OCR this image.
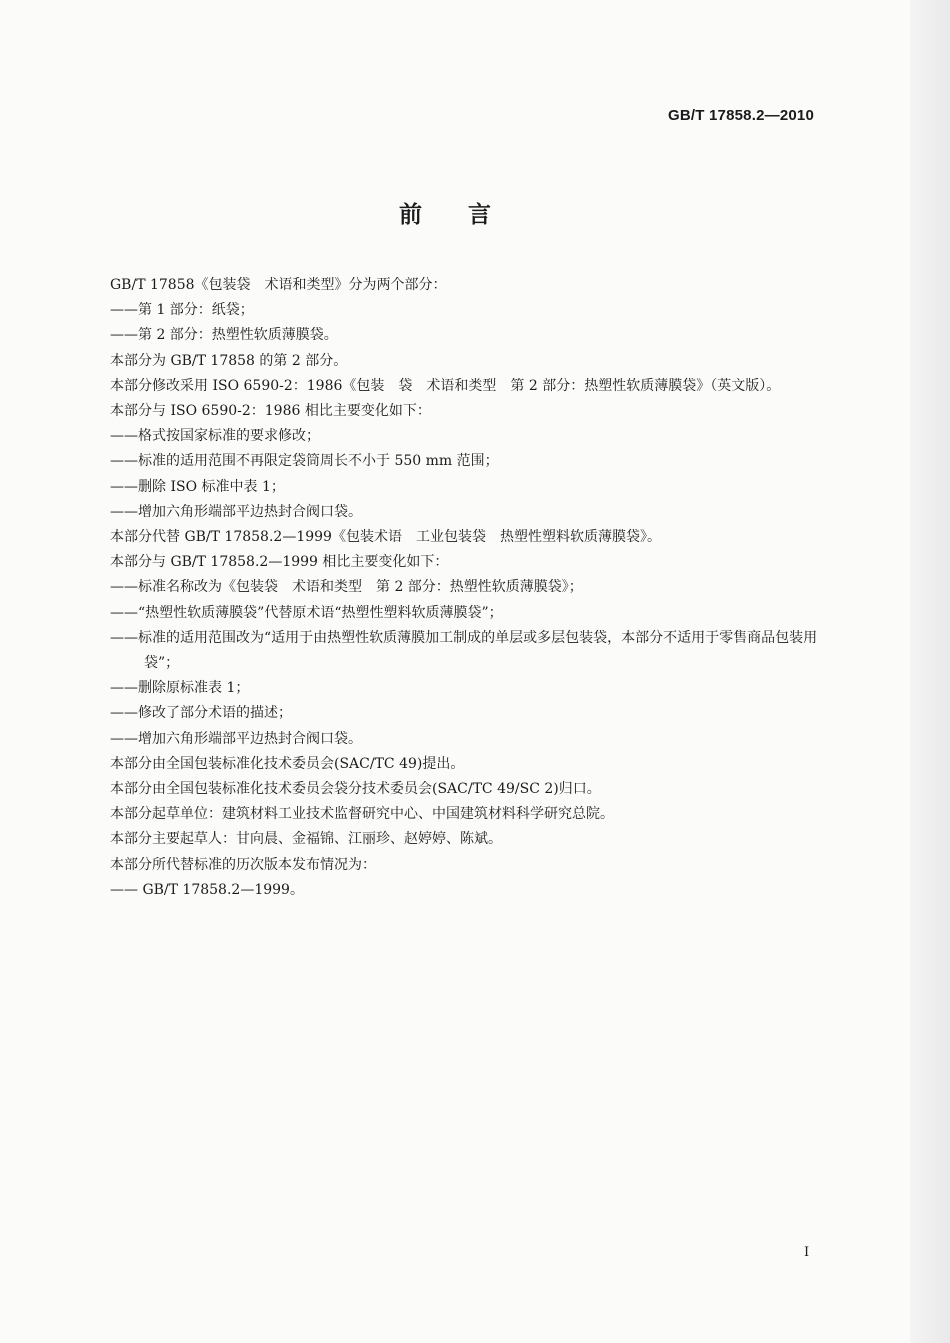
GB/T 17858.2—2010
前言

GB/T 17858《包装袋　术语和类型》分为两个部分：

——第 1 部分：纸袋；

——第 2 部分：热塑性软质薄膜袋。

本部分为 GB/T 17858 的第 2 部分。

本部分修改采用 ISO 6590-2：1986《包装　袋　术语和类型　第 2 部分：热塑性软质薄膜袋》（英文版）。

本部分与 ISO 6590-2：1986 相比主要变化如下：

——格式按国家标准的要求修改；

——标准的适用范围不再限定袋筒周长不小于 550 mm 范围；

——删除 ISO 标准中表 1；

——增加六角形端部平边热封合阀口袋。

本部分代替 GB/T 17858.2—1999《包装术语　工业包装袋　热塑性塑料软质薄膜袋》。

本部分与 GB/T 17858.2—1999 相比主要变化如下：

——标准名称改为《包装袋　术语和类型　第 2 部分：热塑性软质薄膜袋》；

——“热塑性软质薄膜袋”代替原术语“热塑性塑料软质薄膜袋”；

——标准的适用范围改为“适用于由热塑性软质薄膜加工制成的单层或多层包装袋，本部分不适用于零售商品包装用袋”；

——删除原标准表 1；

——修改了部分术语的描述；

——增加六角形端部平边热封合阀口袋。

本部分由全国包装标准化技术委员会(SAC/TC 49)提出。

本部分由全国包装标准化技术委员会袋分技术委员会(SAC/TC 49/SC 2)归口。

本部分起草单位：建筑材料工业技术监督研究中心、中国建筑材料科学研究总院。

本部分主要起草人：甘向晨、金福锦、江丽珍、赵婷婷、陈斌。

本部分所代替标准的历次版本发布情况为：

—— GB/T 17858.2—1999。

I
